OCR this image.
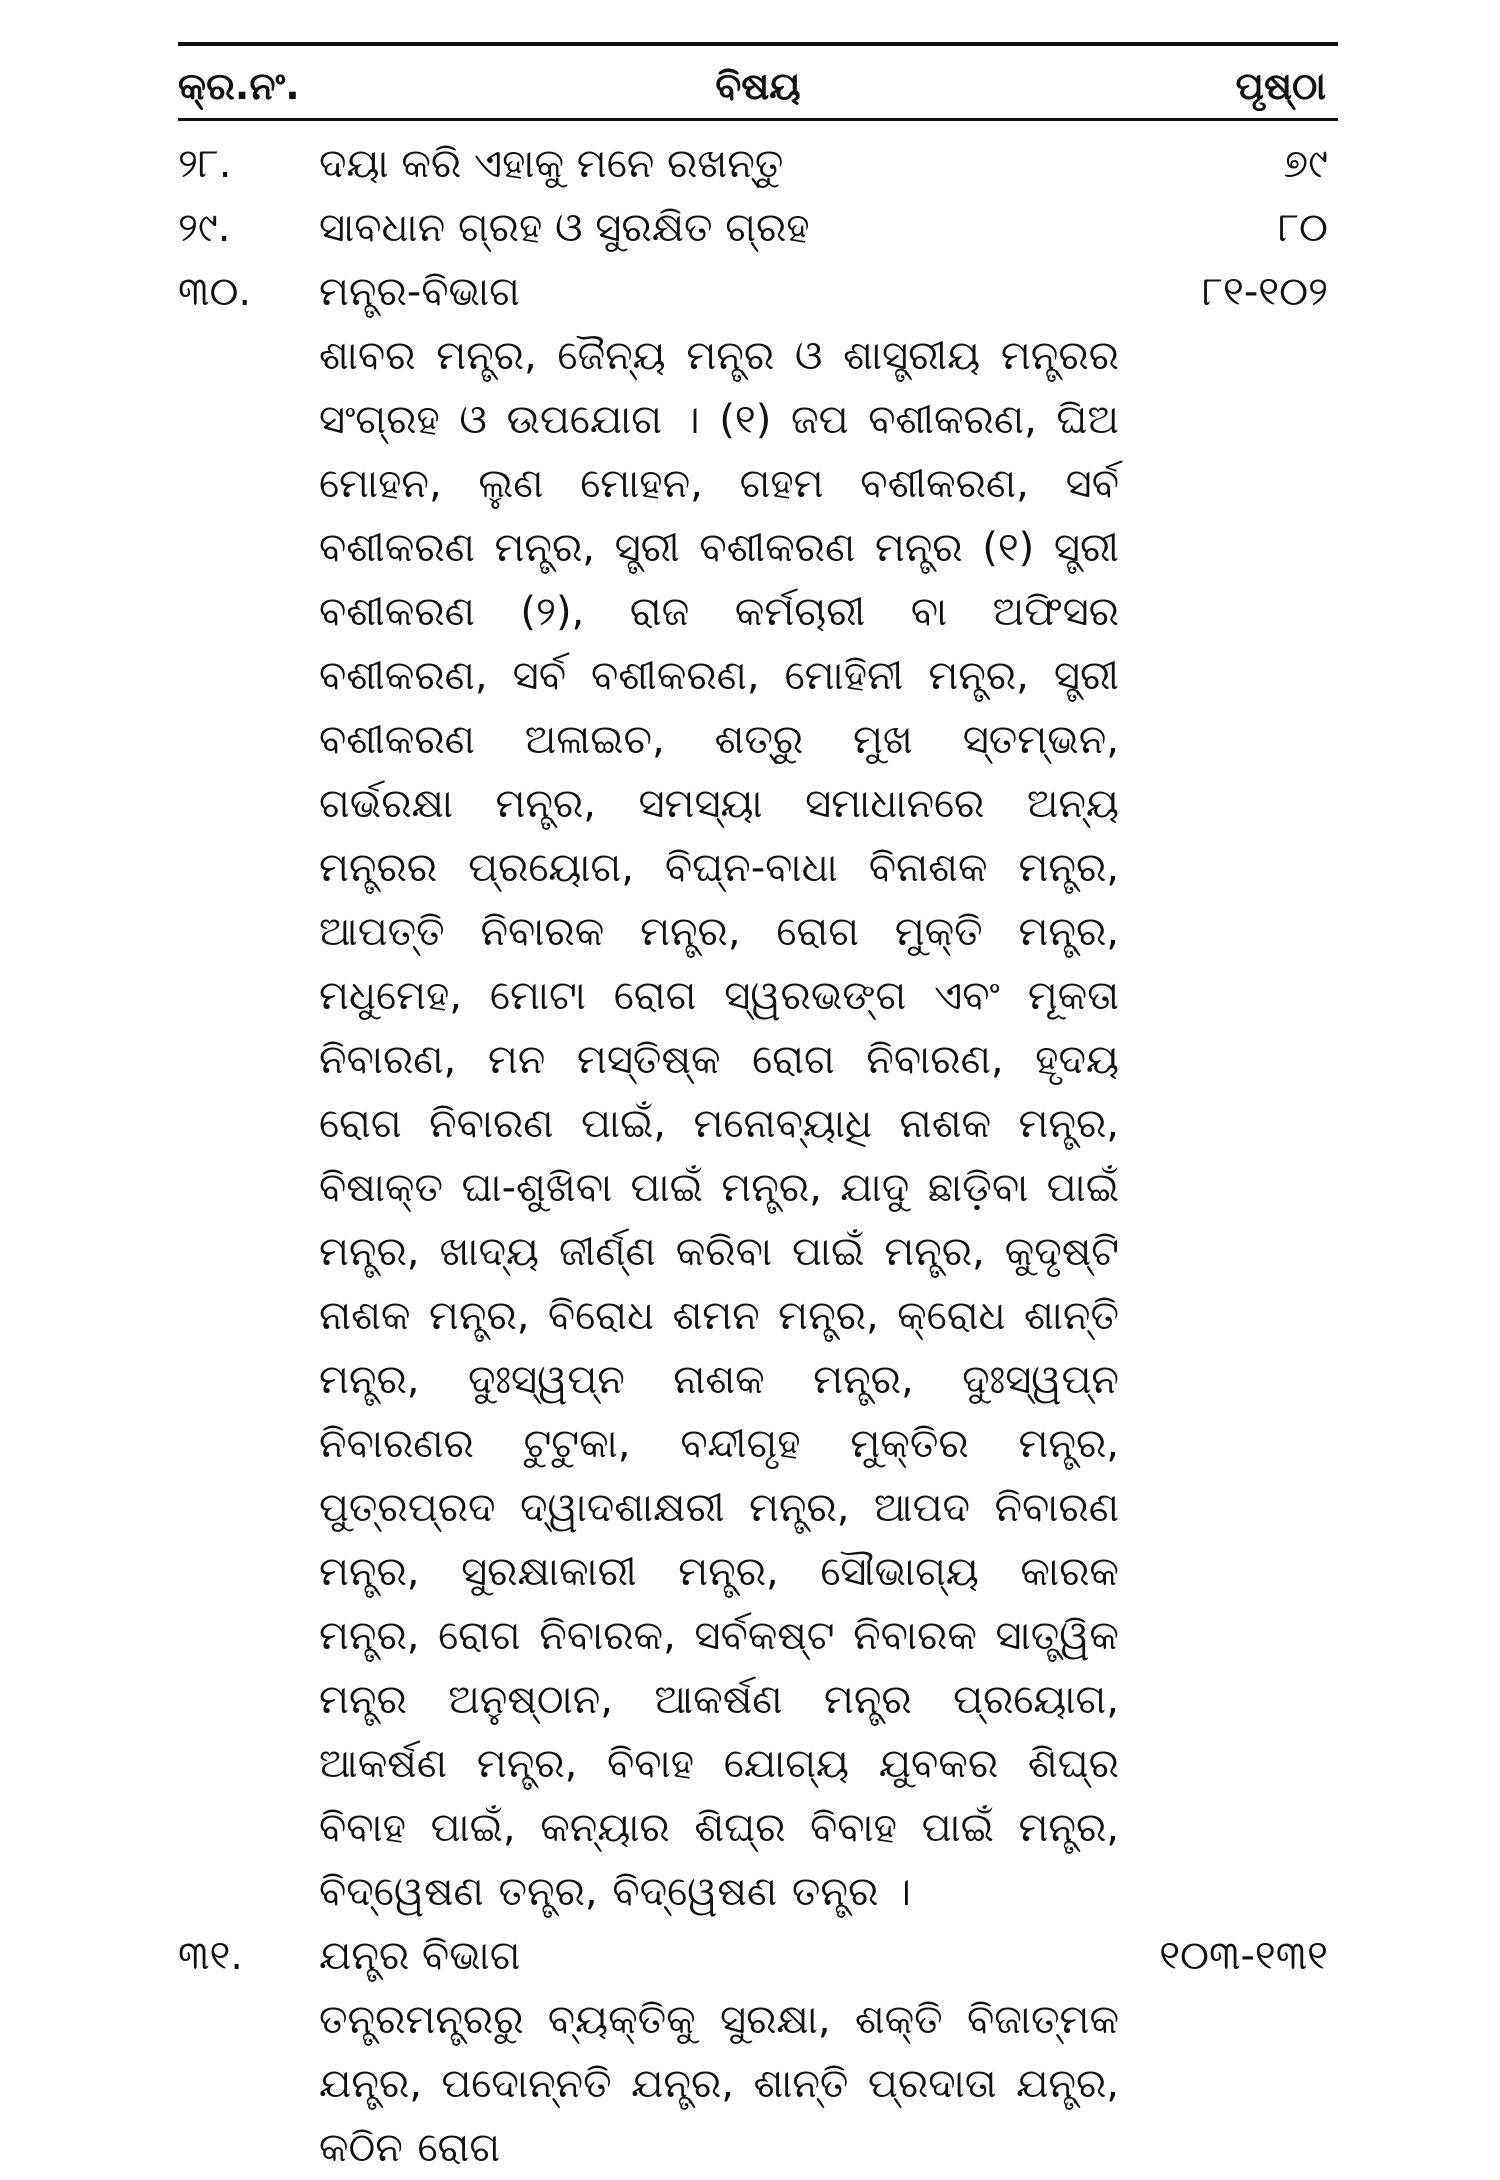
କ୍ର.ନଂ.	ବିଷୟ	ପୃଷ୍ଠା
୨୮.	ଦୟା କରି ଏହାକୁ ମନେ ରଖନ୍ତୁ	୭୯
୨୯.	ସାବଧାନ ଗ୍ରହ ଓ ସୁରକ୍ଷିତ ଗ୍ରହ	୮୦
୩୦.	ମନ୍ତ୍ର-ବିଭାଗ	୮୧-୧୦୨
ଶାବର ମନ୍ତ୍ର, ଜୈନ୍ୟ ମନ୍ତ୍ର ଓ ଶାସ୍ତ୍ରୀୟ ମନ୍ତ୍ରର ସଂଗ୍ରହ ଓ ଉପଯୋଗ । (୧) ଜପ ବଶୀକରଣ, ଘିଅ ମୋହନ, ଲୁଣ ମୋହନ, ଗହମ ବଶୀକରଣ, ସର୍ବ ବଶୀକରଣ ମନ୍ତ୍ର, ସ୍ତ୍ରୀ ବଶୀକରଣ ମନ୍ତ୍ର (୧) ସ୍ତ୍ରୀ ବଶୀକରଣ (୨), ରାଜ କର୍ମଚାରୀ ବା ଅଫିସର ବଶୀକରଣ, ସର୍ବ ବଶୀକରଣ, ମୋହିନୀ ମନ୍ତ୍ର, ସ୍ତ୍ରୀ ବଶୀକରଣ ଅଳାଇଚ, ଶତ୍ରୁ ମୁଖ ସ୍ତମ୍ଭନ, ଗର୍ଭରକ୍ଷା ମନ୍ତ୍ର, ସମସ୍ୟା ସମାଧାନରେ ଅନ୍ୟ ମନ୍ତ୍ରର ପ୍ରୟୋଗ, ବିଘ୍ନ-ବାଧା ବିନାଶକ ମନ୍ତ୍ର, ଆପତ୍ତି ନିବାରକ ମନ୍ତ୍ର, ରୋଗ ମୁକ୍ତି ମନ୍ତ୍ର, ମଧୁମେହ, ମୋଟା ରୋଗ ସ୍ୱରଭଙ୍ଗ ଏବଂ ମୂକତା ନିବାରଣ, ମନ ମସ୍ତିଷ୍କ ରୋଗ ନିବାରଣ, ହୃଦୟ ରୋଗ ନିବାରଣ ପାଇଁ, ମନୋବ୍ୟାଧି ନାଶକ ମନ୍ତ୍ର, ବିଷାକ୍ତ ଘା-ଶୁଖିବା ପାଇଁ ମନ୍ତ୍ର, ଯାଦୁ ଛାଡ଼ିବା ପାଇଁ ମନ୍ତ୍ର, ଖାଦ୍ୟ ଜୀର୍ଣ୍ଣ କରିବା ପାଇଁ ମନ୍ତ୍ର, କୁଦୃଷ୍ଟି ନାଶକ ମନ୍ତ୍ର, ବିରୋଧ ଶମନ ମନ୍ତ୍ର, କ୍ରୋଧ ଶାନ୍ତି ମନ୍ତ୍ର, ଦୁଃସ୍ୱପ୍ନ ନାଶକ ମନ୍ତ୍ର, ଦୁଃସ୍ୱପ୍ନ ନିବାରଣର ଟୁଟୁକା, ବନ୍ଦୀଗୃହ ମୁକ୍ତିର ମନ୍ତ୍ର, ପୁତ୍ରପ୍ରଦ ଦ୍ୱାଦଶାକ୍ଷରୀ ମନ୍ତ୍ର, ଆପଦ ନିବାରଣ ମନ୍ତ୍ର, ସୁରକ୍ଷାକାରୀ ମନ୍ତ୍ର, ସୌଭାଗ୍ୟ କାରକ ମନ୍ତ୍ର, ରୋଗ ନିବାରକ, ସର୍ବକଷ୍ଟ ନିବାରକ ସାତ୍ତ୍ୱିକ ମନ୍ତ୍ର ଅନୁଷ୍ଠାନ, ଆକର୍ଷଣ ମନ୍ତ୍ର ପ୍ରୟୋଗ, ଆକର୍ଷଣ ମନ୍ତ୍ର, ବିବାହ ଯୋଗ୍ୟ ଯୁବକର ଶିଘ୍ର ବିବାହ ପାଇଁ, କନ୍ୟାର ଶିଘ୍ର ବିବାହ ପାଇଁ ମନ୍ତ୍ର, ବିଦ୍ୱେଷଣ ତନ୍ତ୍ର, ବିଦ୍ୱେଷଣ ତନ୍ତ୍ର ।
୩୧.	ଯନ୍ତ୍ର ବିଭାଗ	୧୦୩-୧୩୧
ତନ୍ତ୍ରମନ୍ତ୍ରରୁ ବ୍ୟକ୍ତିକୁ ସୁରକ୍ଷା, ଶକ୍ତି ବିଜାତ୍ମକ ଯନ୍ତ୍ର, ପଦୋନ୍ନତି ଯନ୍ତ୍ର, ଶାନ୍ତି ପ୍ରଦାତା ଯନ୍ତ୍ର, କଠିନ ରୋଗ
